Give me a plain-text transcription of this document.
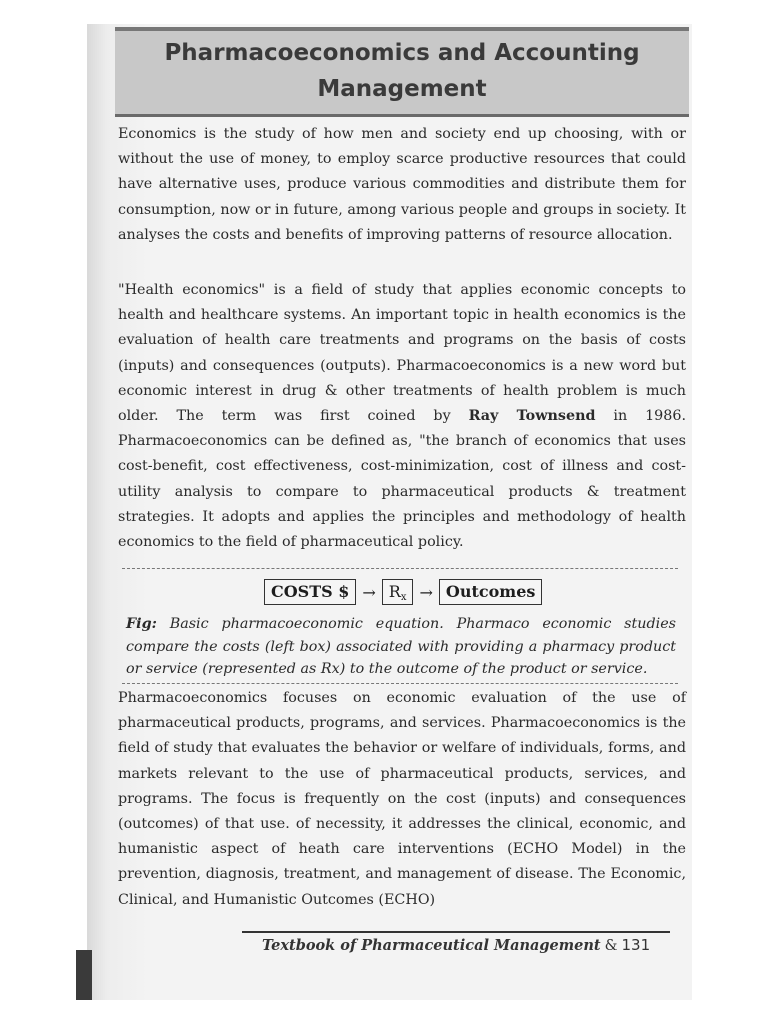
Pharmacoeconomics and Accounting
Management

Economics is the study of how men and society end up choosing, with or without the use of money, to employ scarce productive resources that could have alternative uses, produce various commodities and distribute them for consumption, now or in future, among various people and groups in society. It analyses the costs and benefits of improving patterns of resource allocation.

"Health economics" is a field of study that applies economic concepts to health and healthcare systems. An important topic in health economics is the evaluation of health care treatments and programs on the basis of costs (inputs) and consequences (outputs). Pharmacoeconomics is a new word but economic interest in drug & other treatments of health problem is much older. The term was first coined by Ray Townsend in 1986. Pharmacoeconomics can be defined as, "the branch of economics that uses cost-benefit, cost effectiveness, cost-minimization, cost of illness and cost-utility analysis to compare to pharmaceutical products & treatment strategies. It adopts and applies the principles and methodology of health economics to the field of pharmaceutical policy.

COSTS $ → $R_x$ → Outcomes
Fig: Basic pharmacoeconomic equation. Pharmaco economic studies compare the costs (left box) associated with providing a pharmacy product or service (represented as Rx) to the outcome of the product or service.

Pharmacoeconomics focuses on economic evaluation of the use of pharmaceutical products, programs, and services. Pharmacoeconomics is the field of study that evaluates the behavior or welfare of individuals, forms, and markets relevant to the use of pharmaceutical products, services, and programs. The focus is frequently on the cost (inputs) and consequences (outcomes) of that use. of necessity, it addresses the clinical, economic, and humanistic aspect of heath care interventions (ECHO Model) in the prevention, diagnosis, treatment, and management of disease. The Economic, Clinical, and Humanistic Outcomes (ECHO)

Textbook of Pharmaceutical Management & 131
